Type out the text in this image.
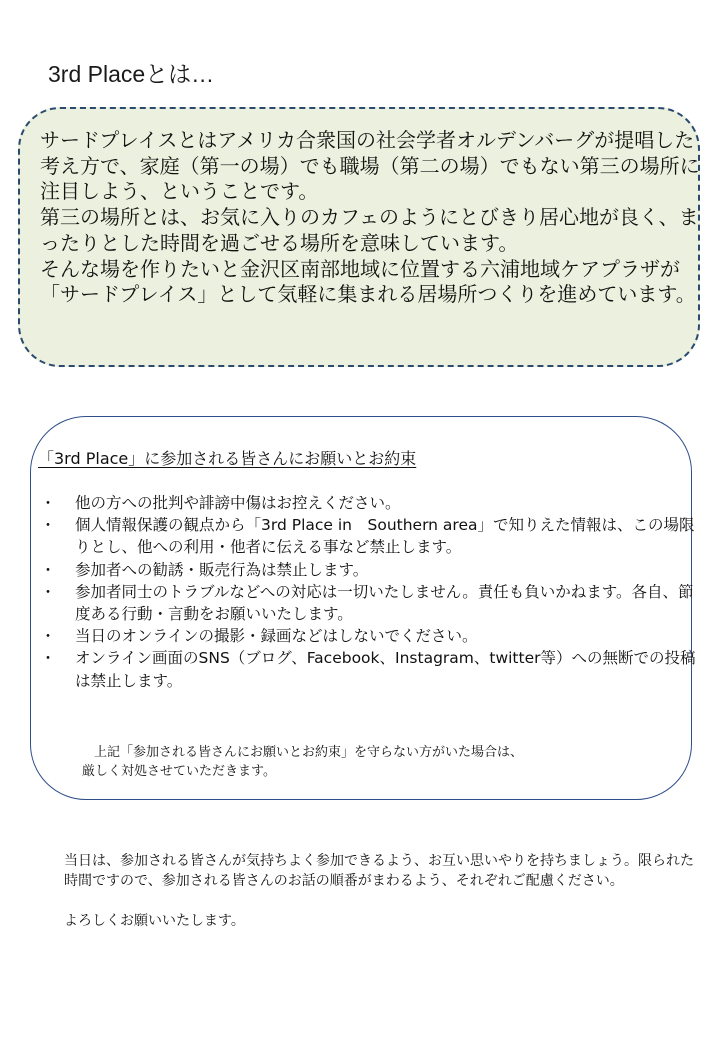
3rd Placeとは…

サードプレイスとはアメリカ合衆国の社会学者オルデンバーグが提唱した考え方で、家庭（第一の場）でも職場（第二の場）でもない第三の場所に注目しよう、ということです。

第三の場所とは、お気に入りのカフェのようにとびきり居心地が良く、まったりとした時間を過ごせる場所を意味しています。

そんな場を作りたいと金沢区南部地域に位置する六浦地域ケアプラザが「サードプレイス」として気軽に集まれる居場所つくりを進めています。

「3rd Place」に参加される皆さんにお願いとお約束
・ 他の方への批判や誹謗中傷はお控えください。
・ 個人情報保護の観点から「3rd Place in　Southern area」で知りえた情報は、この場限りとし、他への利用・他者に伝える事など禁止します。
・ 参加者への勧誘・販売行為は禁止します。
・ 参加者同士のトラブルなどへの対応は一切いたしません。責任も負いかねます。各自、節度ある行動・言動をお願いいたします。
・ 当日のオンラインの撮影・録画などはしないでください。
・ オンライン画面のSNS（ブログ、Facebook、Instagram、twitter等）への無断での投稿は禁止します。

上記「参加される皆さんにお願いとお約束」を守らない方がいた場合は、

厳しく対処させていただきます。

当日は、参加される皆さんが気持ちよく参加できるよう、お互い思いやりを持ちましょう。限られた時間ですので、参加される皆さんのお話の順番がまわるよう、それぞれご配慮ください。

よろしくお願いいたします。
